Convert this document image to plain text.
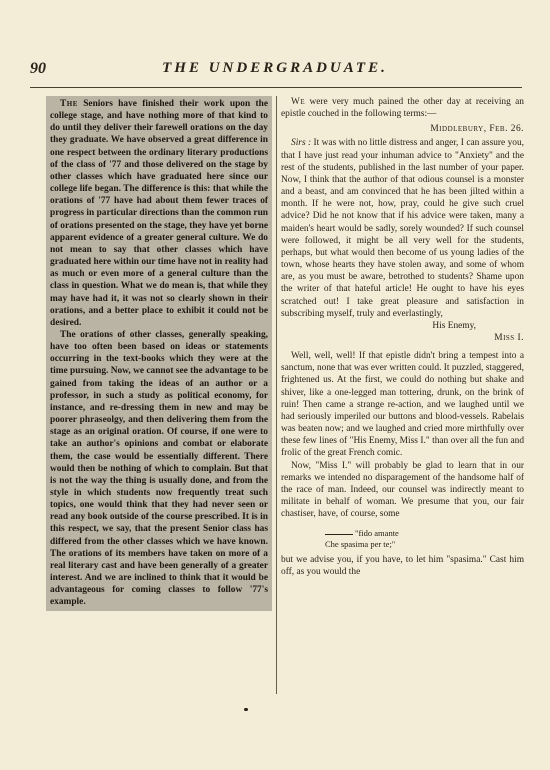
90	THE UNDERGRADUATE.

The Seniors have finished their work upon the college stage, and have nothing more of that kind to do until they deliver their farewell orations on the day they graduate. We have observed a great difference in one respect between the ordinary literary productions of the class of '77 and those delivered on the stage by other classes which have graduated here since our college life began. The difference is this: that while the orations of '77 have had about them fewer traces of progress in particular directions than the common run of orations presented on the stage, they have yet borne apparent evidence of a greater general culture. We do not mean to say that other classes which have graduated here within our time have not in reality had as much or even more of a general culture than the class in question. What we do mean is, that while they may have had it, it was not so clearly shown in their orations, and a better place to exhibit it could not be desired.

The orations of other classes, generally speaking, have too often been based on ideas or statements occurring in the text-books which they were at the time pursuing. Now, we cannot see the advantage to be gained from taking the ideas of an author or a professor, in such a study as political economy, for instance, and re-dressing them in new and may be poorer phraseolgy, and then delivering them from the stage as an original oration. Of course, if one were to take an author's opinions and combat or elaborate them, the case would be essentially different. There would then be nothing of which to complain. But that is not the way the thing is usually done, and from the style in which students now frequently treat such topics, one would think that they had never seen or read any book outside of the course prescribed. It is in this respect, we say, that the present Senior class has differed from the other classes which we have known. The orations of its members have taken on more of a real literary cast and have been generally of a greater interest. And we are inclined to think that it would be advantageous for coming classes to follow '77's example.

We were very much pained the other day at receiving an epistle couched in the following terms:—

Middlebury, Feb. 26.

Sirs : It was with no little distress and anger, I can assure you, that I have just read your inhuman advice to "Anxiety" and the rest of the students, published in the last number of your paper. Now, I think that the author of that odious counsel is a monster and a beast, and am convinced that he has been jilted within a month. If he were not, how, pray, could he give such cruel advice? Did he not know that if his advice were taken, many a maiden's heart would be sadly, sorely wounded? If such counsel were followed, it might be all very well for the students, perhaps, but what would then become of us young ladies of the town, whose hearts they have stolen away, and some of whom are, as you must be aware, betrothed to students? Shame upon the writer of that hateful article! He ought to have his eyes scratched out! I take great pleasure and satisfaction in subscribing myself, truly and everlastingly,

His Enemy,

Miss I.

Well, well, well! If that epistle didn't bring a tempest into a sanctum, none that was ever written could. It puzzled, staggered, frightened us. At the first, we could do nothing but shake and shiver, like a one-legged man tottering, drunk, on the brink of ruin! Then came a strange re-action, and we laughed until we had seriously imperiled our buttons and blood-vessels. Rabelais was beaten now; and we laughed and cried more mirthfully over these few lines of "His Enemy, Miss I." than over all the fun and frolic of the great French comic.

Now, "Miss I." will probably be glad to learn that in our remarks we intended no disparagement of the handsome half of the race of man. Indeed, our counsel was indirectly meant to militate in behalf of woman. We presume that you, our fair chastiser, have, of course, some

"fido amante
Che spasima per te;"

but we advise you, if you have, to let him "spasima." Cast him off, as you would the
